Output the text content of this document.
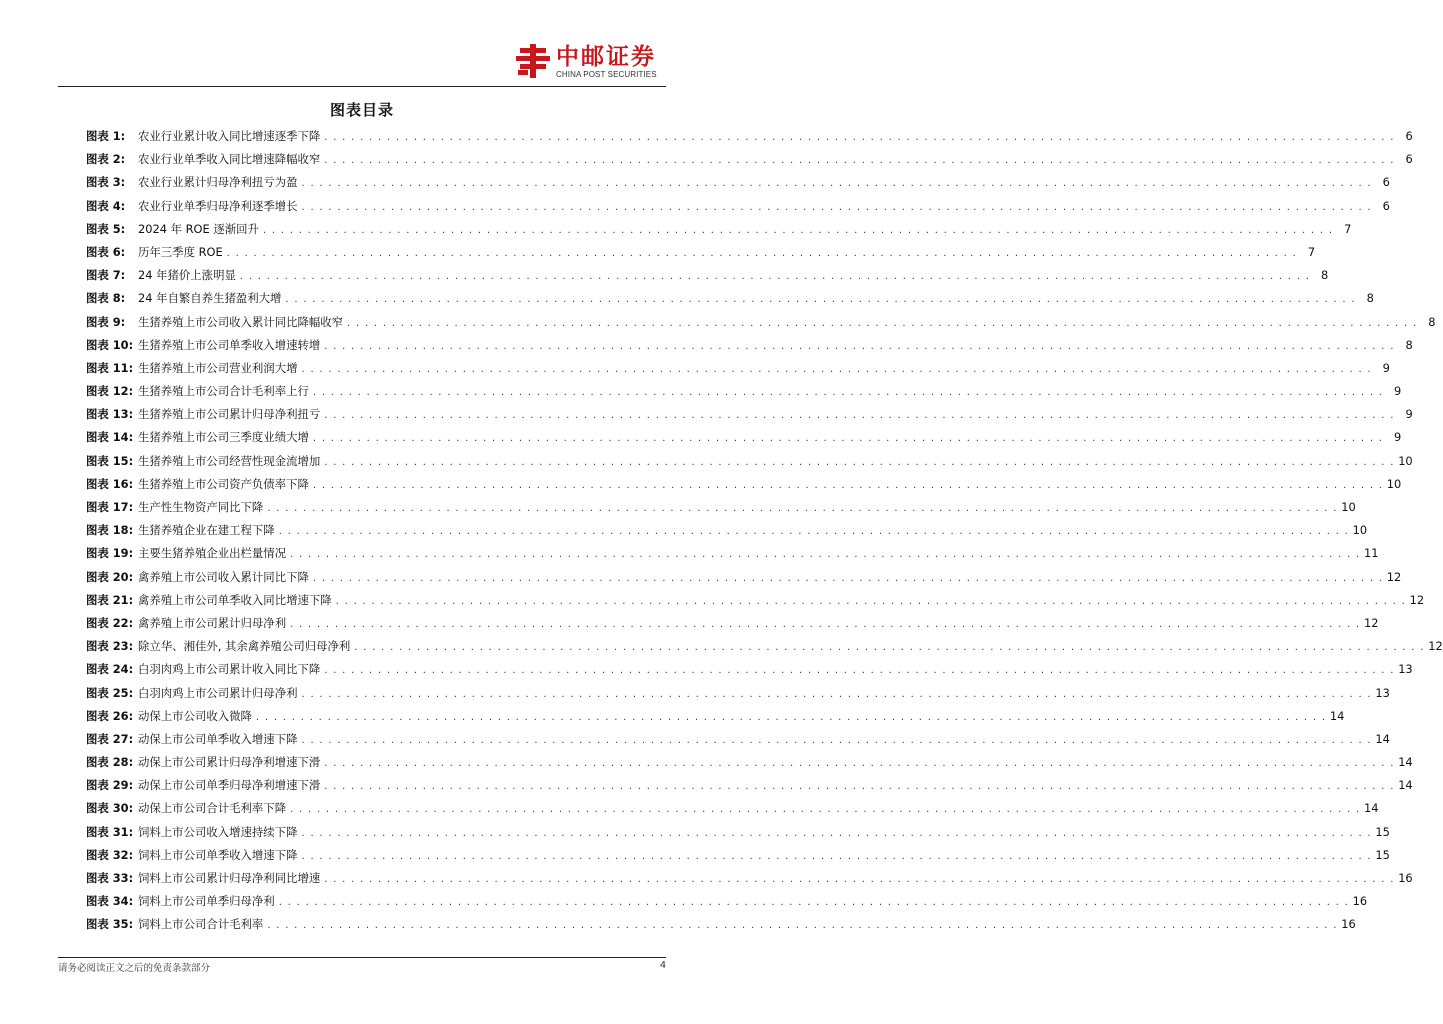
中邮证券
CHINA POST SECURITIES
图表目录
图表 1:	农业行业累计收入同比增速逐季下降 . . . . . . . . . . . . . . . . . . . . . . . . . . . . . . . . . . . . . . . . . . . . . . . . . . . . . . . . . . . . . . . . . . . . . . . . . . . . . . . . . . . . . . . . . . . . . . . . . . . . . . . . . . . . . . . . . . . . . . . . 6
图表 2:	农业行业单季收入同比增速降幅收窄 . . . . . . . . . . . . . . . . . . . . . . . . . . . . . . . . . . . . . . . . . . . . . . . . . . . . . . . . . . . . . . . . . . . . . . . . . . . . . . . . . . . . . . . . . . . . . . . . . . . . . . . . . . . . . . . . . . . . . . . . 6
图表 3:	农业行业累计归母净利扭亏为盈 . . . . . . . . . . . . . . . . . . . . . . . . . . . . . . . . . . . . . . . . . . . . . . . . . . . . . . . . . . . . . . . . . . . . . . . . . . . . . . . . . . . . . . . . . . . . . . . . . . . . . . . . . . . . . . . . . . . . . . . . 6
图表 4:	农业行业单季归母净利逐季增长 . . . . . . . . . . . . . . . . . . . . . . . . . . . . . . . . . . . . . . . . . . . . . . . . . . . . . . . . . . . . . . . . . . . . . . . . . . . . . . . . . . . . . . . . . . . . . . . . . . . . . . . . . . . . . . . . . . . . . . . . 6
图表 5:	2024 年 ROE 逐渐回升 . . . . . . . . . . . . . . . . . . . . . . . . . . . . . . . . . . . . . . . . . . . . . . . . . . . . . . . . . . . . . . . . . . . . . . . . . . . . . . . . . . . . . . . . . . . . . . . . . . . . . . . . . . . . . . . . . . . . . . . . 7
图表 6:	历年三季度 ROE . . . . . . . . . . . . . . . . . . . . . . . . . . . . . . . . . . . . . . . . . . . . . . . . . . . . . . . . . . . . . . . . . . . . . . . . . . . . . . . . . . . . . . . . . . . . . . . . . . . . . . . . . . . . . . . . . . . . . . . . 7
图表 7:	24 年猪价上涨明显 . . . . . . . . . . . . . . . . . . . . . . . . . . . . . . . . . . . . . . . . . . . . . . . . . . . . . . . . . . . . . . . . . . . . . . . . . . . . . . . . . . . . . . . . . . . . . . . . . . . . . . . . . . . . . . . . . . . . . . . . 8
图表 8:	24 年自繁自养生猪盈利大增 . . . . . . . . . . . . . . . . . . . . . . . . . . . . . . . . . . . . . . . . . . . . . . . . . . . . . . . . . . . . . . . . . . . . . . . . . . . . . . . . . . . . . . . . . . . . . . . . . . . . . . . . . . . . . . . . . . . . . . . . 8
图表 9:	生猪养殖上市公司收入累计同比降幅收窄 . . . . . . . . . . . . . . . . . . . . . . . . . . . . . . . . . . . . . . . . . . . . . . . . . . . . . . . . . . . . . . . . . . . . . . . . . . . . . . . . . . . . . . . . . . . . . . . . . . . . . . . . . . . . . . . . . . . . . . . . 8
图表 10: 生猪养殖上市公司单季收入增速转增 . . . . . . . . . . . . . . . . . . . . . . . . . . . . . . . . . . . . . . . . . . . . . . . . . . . . . . . . . . . . . . . . . . . . . . . . . . . . . . . . . . . . . . . . . . . . . . . . . . . . . . . . . . . . . . . . . . . . . . . . 8
图表 11: 生猪养殖上市公司营业利润大增 . . . . . . . . . . . . . . . . . . . . . . . . . . . . . . . . . . . . . . . . . . . . . . . . . . . . . . . . . . . . . . . . . . . . . . . . . . . . . . . . . . . . . . . . . . . . . . . . . . . . . . . . . . . . . . . . . . . . . . . . 9
图表 12: 生猪养殖上市公司合计毛利率上行 . . . . . . . . . . . . . . . . . . . . . . . . . . . . . . . . . . . . . . . . . . . . . . . . . . . . . . . . . . . . . . . . . . . . . . . . . . . . . . . . . . . . . . . . . . . . . . . . . . . . . . . . . . . . . . . . . . . . . . . . 9
图表 13: 生猪养殖上市公司累计归母净利扭亏 . . . . . . . . . . . . . . . . . . . . . . . . . . . . . . . . . . . . . . . . . . . . . . . . . . . . . . . . . . . . . . . . . . . . . . . . . . . . . . . . . . . . . . . . . . . . . . . . . . . . . . . . . . . . . . . . . . . . . . . . 9
图表 14: 生猪养殖上市公司三季度业绩大增 . . . . . . . . . . . . . . . . . . . . . . . . . . . . . . . . . . . . . . . . . . . . . . . . . . . . . . . . . . . . . . . . . . . . . . . . . . . . . . . . . . . . . . . . . . . . . . . . . . . . . . . . . . . . . . . . . . . . . . . . 9
图表 15: 生猪养殖上市公司经营性现金流增加 . . . . . . . . . . . . . . . . . . . . . . . . . . . . . . . . . . . . . . . . . . . . . . . . . . . . . . . . . . . . . . . . . . . . . . . . . . . . . . . . . . . . . . . . . . . . . . . . . . . . . . . . . . . . . . . . . . . . . . . . 10
图表 16: 生猪养殖上市公司资产负债率下降 . . . . . . . . . . . . . . . . . . . . . . . . . . . . . . . . . . . . . . . . . . . . . . . . . . . . . . . . . . . . . . . . . . . . . . . . . . . . . . . . . . . . . . . . . . . . . . . . . . . . . . . . . . . . . . . . . . . . . . . . 10
图表 17: 生产性生物资产同比下降 . . . . . . . . . . . . . . . . . . . . . . . . . . . . . . . . . . . . . . . . . . . . . . . . . . . . . . . . . . . . . . . . . . . . . . . . . . . . . . . . . . . . . . . . . . . . . . . . . . . . . . . . . . . . . . . . . . . . . . . . 10
图表 18: 生猪养殖企业在建工程下降 . . . . . . . . . . . . . . . . . . . . . . . . . . . . . . . . . . . . . . . . . . . . . . . . . . . . . . . . . . . . . . . . . . . . . . . . . . . . . . . . . . . . . . . . . . . . . . . . . . . . . . . . . . . . . . . . . . . . . . . . 10
图表 19: 主要生猪养殖企业出栏量情况 . . . . . . . . . . . . . . . . . . . . . . . . . . . . . . . . . . . . . . . . . . . . . . . . . . . . . . . . . . . . . . . . . . . . . . . . . . . . . . . . . . . . . . . . . . . . . . . . . . . . . . . . . . . . . . . . . . . . . . . . 11
图表 20: 禽养殖上市公司收入累计同比下降 . . . . . . . . . . . . . . . . . . . . . . . . . . . . . . . . . . . . . . . . . . . . . . . . . . . . . . . . . . . . . . . . . . . . . . . . . . . . . . . . . . . . . . . . . . . . . . . . . . . . . . . . . . . . . . . . . . . . . . . . 12
图表 21: 禽养殖上市公司单季收入同比增速下降 . . . . . . . . . . . . . . . . . . . . . . . . . . . . . . . . . . . . . . . . . . . . . . . . . . . . . . . . . . . . . . . . . . . . . . . . . . . . . . . . . . . . . . . . . . . . . . . . . . . . . . . . . . . . . . . . . . . . . . . . 12
图表 22: 禽养殖上市公司累计归母净利 . . . . . . . . . . . . . . . . . . . . . . . . . . . . . . . . . . . . . . . . . . . . . . . . . . . . . . . . . . . . . . . . . . . . . . . . . . . . . . . . . . . . . . . . . . . . . . . . . . . . . . . . . . . . . . . . . . . . . . . . 12
图表 23: 除立华、湘佳外, 其余禽养殖公司归母净利 . . . . . . . . . . . . . . . . . . . . . . . . . . . . . . . . . . . . . . . . . . . . . . . . . . . . . . . . . . . . . . . . . . . . . . . . . . . . . . . . . . . . . . . . . . . . . . . . . . . . . . . . . . . . . . . . . . . . . . . . 12
图表 24: 白羽肉鸡上市公司累计收入同比下降 . . . . . . . . . . . . . . . . . . . . . . . . . . . . . . . . . . . . . . . . . . . . . . . . . . . . . . . . . . . . . . . . . . . . . . . . . . . . . . . . . . . . . . . . . . . . . . . . . . . . . . . . . . . . . . . . . . . . . . . . 13
图表 25: 白羽肉鸡上市公司累计归母净利 . . . . . . . . . . . . . . . . . . . . . . . . . . . . . . . . . . . . . . . . . . . . . . . . . . . . . . . . . . . . . . . . . . . . . . . . . . . . . . . . . . . . . . . . . . . . . . . . . . . . . . . . . . . . . . . . . . . . . . . . 13
图表 26: 动保上市公司收入微降 . . . . . . . . . . . . . . . . . . . . . . . . . . . . . . . . . . . . . . . . . . . . . . . . . . . . . . . . . . . . . . . . . . . . . . . . . . . . . . . . . . . . . . . . . . . . . . . . . . . . . . . . . . . . . . . . . . . . . . . . 14
图表 27: 动保上市公司单季收入增速下降 . . . . . . . . . . . . . . . . . . . . . . . . . . . . . . . . . . . . . . . . . . . . . . . . . . . . . . . . . . . . . . . . . . . . . . . . . . . . . . . . . . . . . . . . . . . . . . . . . . . . . . . . . . . . . . . . . . . . . . . . 14
图表 28: 动保上市公司累计归母净利增速下滑 . . . . . . . . . . . . . . . . . . . . . . . . . . . . . . . . . . . . . . . . . . . . . . . . . . . . . . . . . . . . . . . . . . . . . . . . . . . . . . . . . . . . . . . . . . . . . . . . . . . . . . . . . . . . . . . . . . . . . . . . 14
图表 29: 动保上市公司单季归母净利增速下滑 . . . . . . . . . . . . . . . . . . . . . . . . . . . . . . . . . . . . . . . . . . . . . . . . . . . . . . . . . . . . . . . . . . . . . . . . . . . . . . . . . . . . . . . . . . . . . . . . . . . . . . . . . . . . . . . . . . . . . . . . 14
图表 30: 动保上市公司合计毛利率下降 . . . . . . . . . . . . . . . . . . . . . . . . . . . . . . . . . . . . . . . . . . . . . . . . . . . . . . . . . . . . . . . . . . . . . . . . . . . . . . . . . . . . . . . . . . . . . . . . . . . . . . . . . . . . . . . . . . . . . . . . 14
图表 31: 饲料上市公司收入增速持续下降 . . . . . . . . . . . . . . . . . . . . . . . . . . . . . . . . . . . . . . . . . . . . . . . . . . . . . . . . . . . . . . . . . . . . . . . . . . . . . . . . . . . . . . . . . . . . . . . . . . . . . . . . . . . . . . . . . . . . . . . . 15
图表 32: 饲料上市公司单季收入增速下降 . . . . . . . . . . . . . . . . . . . . . . . . . . . . . . . . . . . . . . . . . . . . . . . . . . . . . . . . . . . . . . . . . . . . . . . . . . . . . . . . . . . . . . . . . . . . . . . . . . . . . . . . . . . . . . . . . . . . . . . . 15
图表 33: 饲料上市公司累计归母净利同比增速 . . . . . . . . . . . . . . . . . . . . . . . . . . . . . . . . . . . . . . . . . . . . . . . . . . . . . . . . . . . . . . . . . . . . . . . . . . . . . . . . . . . . . . . . . . . . . . . . . . . . . . . . . . . . . . . . . . . . . . . . 16
图表 34: 饲料上市公司单季归母净利 . . . . . . . . . . . . . . . . . . . . . . . . . . . . . . . . . . . . . . . . . . . . . . . . . . . . . . . . . . . . . . . . . . . . . . . . . . . . . . . . . . . . . . . . . . . . . . . . . . . . . . . . . . . . . . . . . . . . . . . . 16
图表 35: 饲料上市公司合计毛利率 . . . . . . . . . . . . . . . . . . . . . . . . . . . . . . . . . . . . . . . . . . . . . . . . . . . . . . . . . . . . . . . . . . . . . . . . . . . . . . . . . . . . . . . . . . . . . . . . . . . . . . . . . . . . . . . . . . . . . . . . 16
请务必阅读正文之后的免责条款部分	4
